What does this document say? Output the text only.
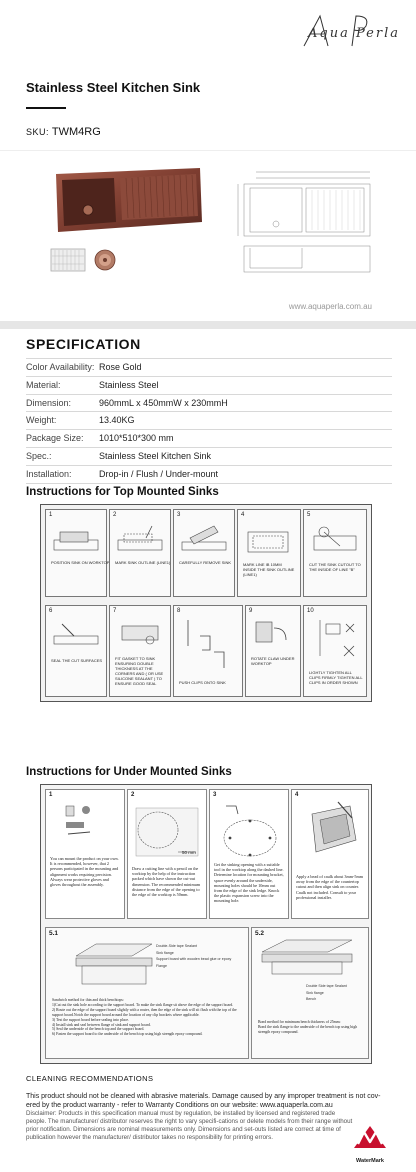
Aqua Perla
Stainless Steel Kitchen Sink
SKU: TWM4RG
www.aquaperla.com.au
SPECIFICATION
Color Availability: Rose Gold
Material:	Stainless Steel
Dimension:	960mmL x 450mmW x 230mmH
Weight:	13.40KG
Package Size:	1010*510*300 mm
Spec.:	Stainless Steel Kitchen Sink
Installation:	Drop-in / Flush / Under-mount
Instructions for Top Mounted Sinks
1
POSITION SINK ON WORKTOP
2
MARK SINK OUTLINE (LINE1)
3
CAREFULLY REMOVE SINK
4
MARK LINE IB 10MM INSIDE THE SINK OUTLINE (LINE1)
5
CUT THE SINK CUTOUT TO THE INSIDE OF LINE "B"
6
SEAL THE CUT SURFACES
7
FIT GASKET TO SINK ENSURING DOUBLE THICKNESS AT THE CORNERS AND ( OR USE SILICONE SEALANT ) TO ENSURE GOOD SEAL
8
PUSH CLIPS ONTO SINK
9
ROTATE CLAW UNDER WORKTOP
10
LIGHTLY TIGHTEN ALL CLIPS FIRMLY TIGHTEN ALL CLIPS IN ORDER SHOWN
Instructions for Under Mounted Sinks
1
You can mount the product on your own. It is recommended, however, that 2 persons participated in the mounting and alignment works requiring precision. Always wear protective gloves and gloves throughout the assembly.
2
50 mm
Draw a cutting line with a pencil on the worktop by the help of the instruction packed which have shown the cut-out dimension. The recommended minimum distance from the edge of the opening to the edge of the worktop is 50mm.
3
Get the sinking opening with a suitable tool in the worktop along the dashed line. Determine location for mounting bracket, space evenly around the underside, mounting holes should be 10mm out from the edge of the sink ledge. Knock the plastic expansion screw into the mounting hole.
4
Apply a bead of caulk about 3mm-5mm away from the edge of the countertop cutout and then align sink on counter. Caulk not included. Consult to your professional installer.
5.1
Double-Side tape Sealant
Sink flange
Support board with wooden bead glue or epoxy
Flange
Sandwich method for thin and thick benchtops:
1)Cut out the sink hole according to the support board. To make the sink flange sit above the edge of the support board.
2) Route out the edge of the support board slightly with a router, then the edge of the sink will sit flush with the top of the support board.Notch the support board around the location of any clip brackets where applicable.
3) Test the support board before sealing into place.
4) Install sink and seal between flange of sink and support board.
5) Seal the underside of the bench top and the support board.
6) Fasten the support board to the underside of the bench top using high strength epoxy compound.
5.2
Double Side tape Sealant
Sink flange
Bench
Bond method for minimum bench thickness of 25mm:
Bond the sink flange to the underside of the bench top using high strength epoxy compound.
CLEANING RECOMMENDATIONS
This product should not be cleaned with abrasive materials. Damage caused by any improper treatment is not cov-ered by the product warranty - refer to Warranty Conditions on our website: www.aquaperla.com.au
Disclaimer: Products in this specification manual must by regulation, be installed by licensed and registered trade people. The manufacturer/ distributor reserves the right to vary specifi-cations or delete models from their range without prior notification. Dimensions are nominal measurements only. Dimensions and set-outs listed are correct at time of publication however the manufacturer/ distributor takes no responsibility for printing errors.
WaterMark
